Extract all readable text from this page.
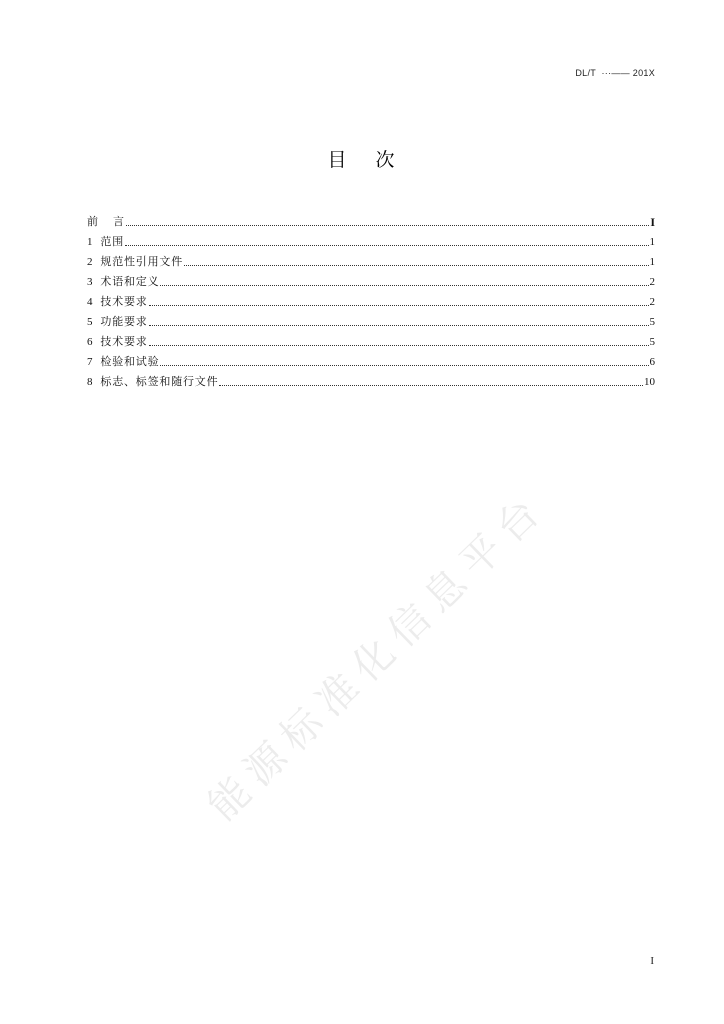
DL/T  ···—— 201X
目    次
前    言	I
1  范围	1
2  规范性引用文件	1
3  术语和定义	2
4  技术要求	2
5  功能要求	5
6  技术要求	5
7  检验和试验	6
8  标志、标签和随行文件	10
能源标准化信息平台
I
